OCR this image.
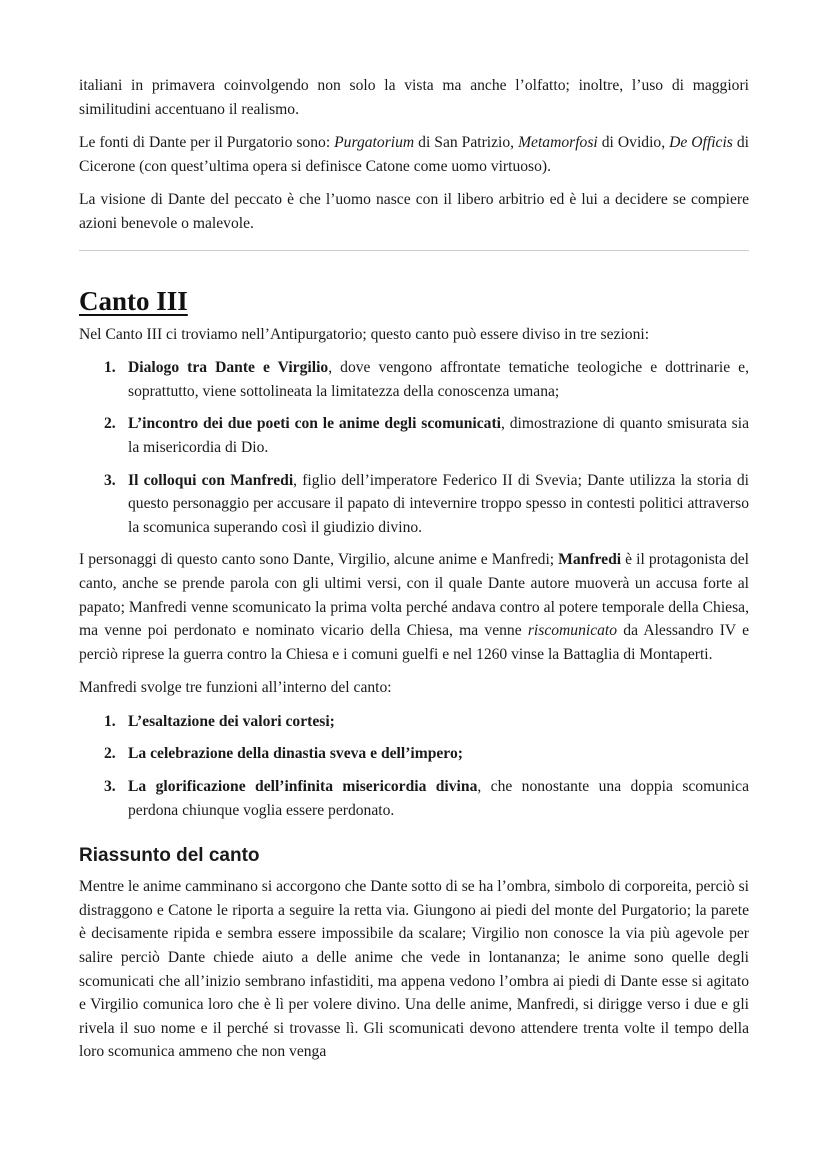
italiani in primavera coinvolgendo non solo la vista ma anche l’olfatto; inoltre, l’uso di maggiori similitudini accentuano il realismo.

Le fonti di Dante per il Purgatorio sono: Purgatorium di San Patrizio, Metamorfosi di Ovidio, De Officis di Cicerone (con quest’ultima opera si definisce Catone come uomo virtuoso).

La visione di Dante del peccato è che l’uomo nasce con il libero arbitrio ed è lui a decidere se compiere azioni benevole o malevole.

Canto III

Nel Canto III ci troviamo nell’Antipurgatorio; questo canto può essere diviso in tre sezioni:

1. Dialogo tra Dante e Virgilio, dove vengono affrontate tematiche teologiche e dottrinarie e, soprattutto, viene sottolineata la limitatezza della conoscenza umana;
2. L’incontro dei due poeti con le anime degli scomunicati, dimostrazione di quanto smisurata sia la misericordia di Dio.
3. Il colloqui con Manfredi, figlio dell’imperatore Federico II di Svevia; Dante utilizza la storia di questo personaggio per accusare il papato di intevernire troppo spesso in contesti politici attraverso la scomunica superando così il giudizio divino.

I personaggi di questo canto sono Dante, Virgilio, alcune anime e Manfredi; Manfredi è il protagonista del canto, anche se prende parola con gli ultimi versi, con il quale Dante autore muoverà un accusa forte al papato; Manfredi venne scomunicato la prima volta perché andava contro al potere temporale della Chiesa, ma venne poi perdonato e nominato vicario della Chiesa, ma venne riscomunicato da Alessandro IV e perciò riprese la guerra contro la Chiesa e i comuni guelfi e nel 1260 vinse la Battaglia di Montaperti.

Manfredi svolge tre funzioni all’interno del canto:

1. L’esaltazione dei valori cortesi;
2. La celebrazione della dinastia sveva e dell’impero;
3. La glorificazione dell’infinita misericordia divina, che nonostante una doppia scomunica perdona chiunque voglia essere perdonato.
Riassunto del canto

Mentre le anime camminano si accorgono che Dante sotto di se ha l’ombra, simbolo di corporeita, perciò si distraggono e Catone le riporta a seguire la retta via. Giungono ai piedi del monte del Purgatorio; la parete è decisamente ripida e sembra essere impossibile da scalare; Virgilio non conosce la via più agevole per salire perciò Dante chiede aiuto a delle anime che vede in lontananza; le anime sono quelle degli scomunicati che all’inizio sembrano infastiditi, ma appena vedono l’ombra ai piedi di Dante esse si agitato e Virgilio comunica loro che è lì per volere divino. Una delle anime, Manfredi, si dirigge verso i due e gli rivela il suo nome e il perché si trovasse lì. Gli scomunicati devono attendere trenta volte il tempo della loro scomunica ammeno che non venga
